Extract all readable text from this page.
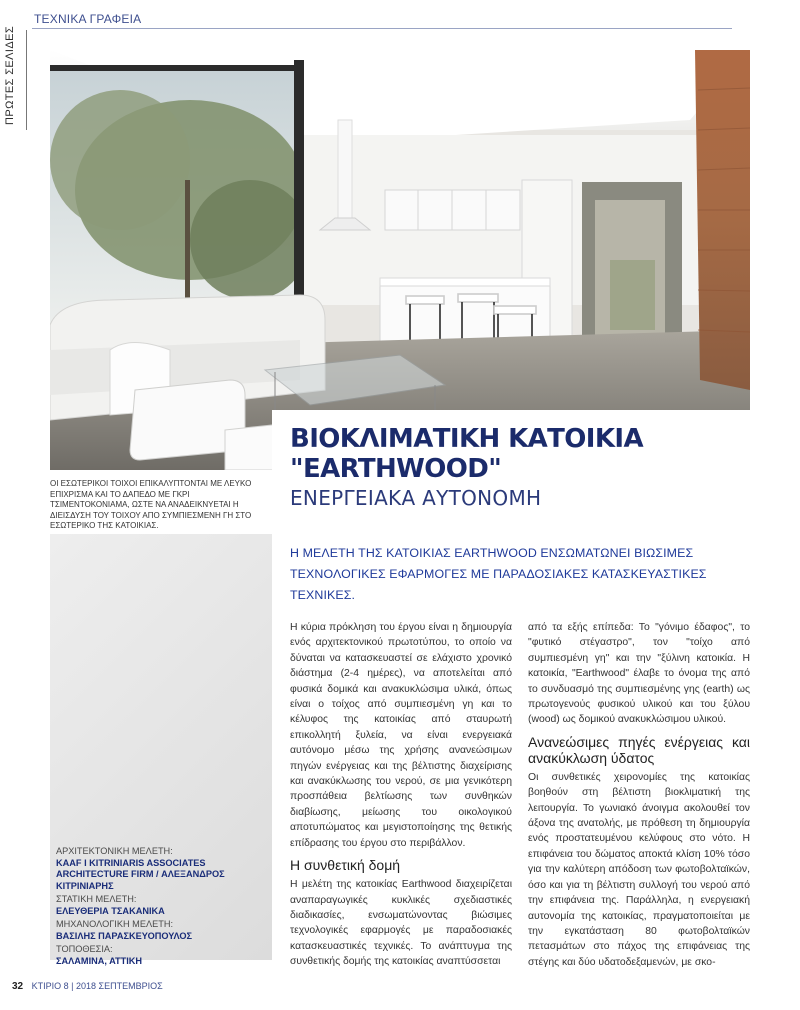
ΤΕΧΝΙΚΑ ΓΡΑΦΕΙΑ
ΠΡΩΤΕΣ ΣΕΛΙΔΕΣ
ΒΙΟΚΛΙΜΑΤΙΚΗ ΚΑΤΟΙΚΙΑ
"EARTHWOOD"
ΕΝΕΡΓΕΙΑΚΑ ΑΥΤΟΝΟΜΗ
ΟΙ ΕΣΩΤΕΡΙΚΟΙ ΤΟΙΧΟΙ ΕΠΙΚΑΛΥΠΤΟΝΤΑΙ ΜΕ ΛΕΥΚΟ ΕΠΙΧΡΙΣΜΑ ΚΑΙ ΤΟ ΔΑΠΕΔΟ ΜΕ ΓΚΡΙ ΤΣΙΜΕΝΤΟΚΟΝΙΑΜΑ, ΩΣΤΕ ΝΑ ΑΝΑΔΕΙΚΝΥΕΤΑΙ Η ΔΙΕΙΣΔΥΣΗ ΤΟΥ ΤΟΙΧΟΥ ΑΠΟ ΣΥΜΠΙΕΣΜΕΝΗ ΓΗ ΣΤΟ ΕΣΩΤΕΡΙΚΟ ΤΗΣ ΚΑΤΟΙΚΙΑΣ.
Η ΜΕΛΕΤΗ ΤΗΣ ΚΑΤΟΙΚΙΑΣ EARTHWOOD ΕΝΣΩΜΑΤΩΝΕΙ ΒΙΩΣΙΜΕΣ
ΤΕΧΝΟΛΟΓΙΚΕΣ ΕΦΑΡΜΟΓΕΣ ΜΕ ΠΑΡΑΔΟΣΙΑΚΕΣ ΚΑΤΑΣΚΕΥΑΣΤΙΚΕΣ ΤΕΧΝΙΚΕΣ.
ΑΡΧΙΤΕΚΤΟΝΙΚΗ ΜΕΛΕΤΗ:
KAAF I KITRINIARIS ASSOCIATES ARCHITECTURE FIRM / ΑΛΕΞΑΝΔΡΟΣ ΚΙΤΡΙΝΙΑΡΗΣ
ΣΤΑΤΙΚΗ ΜΕΛΕΤΗ:
ΕΛΕΥΘΕΡΙΑ ΤΣΑΚΑΝΙΚΑ
ΜΗΧΑΝΟΛΟΓΙΚΗ ΜΕΛΕΤΗ:
ΒΑΣΙΛΗΣ ΠΑΡΑΣΚΕΥΟΠΟΥΛΟΣ
ΤΟΠΟΘΕΣΙΑ:
ΣΑΛΑΜΙΝΑ, ΑΤΤΙΚΗ

Η κύρια πρόκληση του έργου είναι η δημιουργία ενός αρχιτεκτονικού πρωτοτύπου, το οποίο να δύναται να κατασκευαστεί σε ελάχιστο χρονικό διάστημα (2-4 ημέρες), να αποτελείται από φυσικά δομικά και ανακυκλώσιμα υλικά, όπως είναι ο τοίχος από συμπιεσμένη γη και το κέλυφος της κατοικίας από σταυρωτή επικολλητή ξυλεία, να είναι ενεργειακά αυτόνομο μέσω της χρήσης ανανεώσιμων πηγών ενέργειας και της βέλτιστης διαχείρισης και ανακύκλωσης του νερού, σε μια γενικότερη προσπάθεια βελτίωσης των συνθηκών διαβίωσης, μείωσης του οικολογικού αποτυπώματος και μεγιστοποίησης της θετικής επίδρασης του έργου στο περιβάλλον.

Η συνθετική δομή

Η μελέτη της κατοικίας Earthwood διαχειρίζεται αναπαραγωγικές κυκλικές σχεδιαστικές διαδικασίες, ενσωματώνοντας βιώσιμες τεχνολογικές εφαρμογές με παραδοσιακές κατασκευαστικές τεχνικές. Το ανάπτυγμα της συνθετικής δομής της κατοικίας αναπτύσσεται

από τα εξής επίπεδα: Το "γόνιμο έδαφος", το "φυτικό στέγαστρο", τον "τοίχο από συμπιεσμένη γη" και την "ξύλινη κατοικία. Η κατοικία, "Earthwood" έλαβε το όνομα της από το συνδυασμό της συμπιεσμένης γης (earth) ως πρωτογενούς φυσικού υλικού και του ξύλου (wood) ως δομικού ανακυκλώσιμου υλικού.

Ανανεώσιμες πηγές ενέργειας και ανακύκλωση ύδατος

Οι συνθετικές χειρονομίες της κατοικίας βοηθούν στη βέλτιστη βιοκλιματική της λειτουργία. Το γωνιακό άνοιγμα ακολουθεί τον άξονα της ανατολής, με πρόθεση τη δημιουργία ενός προστατευμένου κελύφους στο νότο. Η επιφάνεια του δώματος αποκτά κλίση 10% τόσο για την καλύτερη απόδοση των φωτοβολταϊκών, όσο και για τη βέλτιστη συλλογή του νερού από την επιφάνεια της. Παράλληλα, η ενεργειακή αυτονομία της κατοικίας, πραγματοποιείται με την εγκατάσταση 80 φωτοβολταϊκών πετασμάτων στο πάχος της επιφάνειας της στέγης και δύο υδατοδεξαμενών, με σκο-

32 ΚΤΙΡΙΟ 8 | 2018 ΣΕΠΤΕΜΒΡΙΟΣ
